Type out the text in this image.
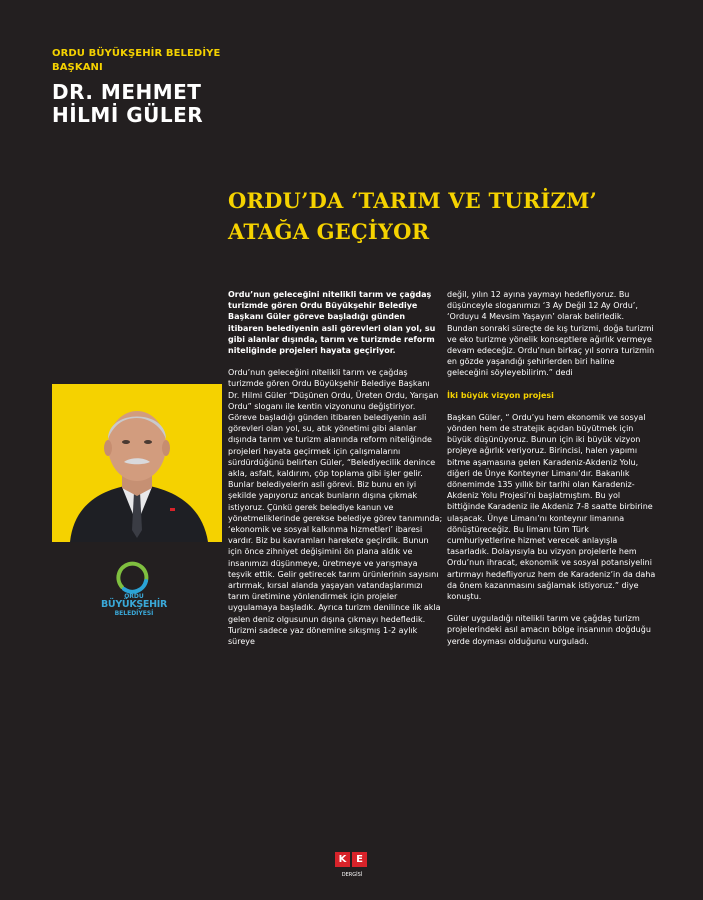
ORDU BÜYÜKŞEHİR BELEDİYE BAŞKANI
DR. MEHMET
HİLMİ GÜLER
ORDU’DA ‘TARIM VE TURİZM’
ATAĞA GEÇİYOR
ORDU
BÜYÜKŞEHİR
BELEDİYESİ

Ordu’nun geleceğini nitelikli tarım ve çağdaş turizmde gören Ordu Büyükşehir Belediye Başkanı Güler göreve başladığı günden itibaren belediyenin asli görevleri olan yol, su gibi alanlar dışında, tarım ve turizmde reform niteliğinde projeleri hayata geçiriyor.

Ordu’nun geleceğini nitelikli tarım ve çağdaş turizmde gören Ordu Büyükşehir Belediye Başkanı Dr. Hilmi Güler “Düşünen Ordu, Üreten Ordu, Yarışan Ordu” sloganı ile kentin vizyonunu değiştiriyor. Göreve başladığı günden itibaren belediyenin asli görevleri olan yol, su, atık yönetimi gibi alanlar dışında tarım ve turizm alanında reform niteliğinde projeleri hayata geçirmek için çalışmalarını sürdürdüğünü belirten Güler, “Belediyecilik denince akla, asfalt, kaldırım, çöp toplama gibi işler gelir. Bunlar belediyelerin asli görevi. Biz bunu en iyi şekilde yapıyoruz ancak bunların dışına çıkmak istiyoruz. Çünkü gerek belediye kanun ve yönetmeliklerinde gerekse belediye görev tanımında; ‘ekonomik ve sosyal kalkınma hizmetleri’ ibaresi vardır. Biz bu kavramları harekete geçirdik. Bunun için önce zihniyet değişimini ön plana aldık ve insanımızı düşünmeye, üretmeye ve yarışmaya teşvik ettik. Gelir getirecek tarım ürünlerinin sayısını artırmak, kırsal alanda yaşayan vatandaşlarımızı tarım üretimine yönlendirmek için projeler uygulamaya başladık. Ayrıca turizm denilince ilk akla gelen deniz olgusunun dışına çıkmayı hedefledik. Turizmi sadece yaz dönemine sıkışmış 1-2 aylık süreye

değil, yılın 12 ayına yaymayı hedefliyoruz. Bu düşünceyle sloganımızı ‘3 Ay Değil 12 Ay Ordu’, ‘Orduyu 4 Mevsim Yaşayın’ olarak belirledik. Bundan sonraki süreçte de kış turizmi, doğa turizmi ve eko turizme yönelik konseptlere ağırlık vermeye devam edeceğiz. Ordu’nun birkaç yıl sonra turizmin en gözde yaşandığı şehirlerden biri haline geleceğini söyleyebilirim.” dedi

İki büyük vizyon projesi

Başkan Güler, “ Ordu’yu hem ekonomik ve sosyal yönden hem de stratejik açıdan büyütmek için büyük düşünüyoruz. Bunun için iki büyük vizyon projeye ağırlık veriyoruz. Birincisi, halen yapımı bitme aşamasına gelen Karadeniz-Akdeniz Yolu, diğeri de Ünye Konteyner Limanı’dır. Bakanlık dönemimde 135 yıllık bir tarihi olan Karadeniz-Akdeniz Yolu Projesi’ni başlatmıştım. Bu yol bittiğinde Karadeniz ile Akdeniz 7-8 saatte birbirine ulaşacak. Ünye Limanı’nı konteynır limanına dönüştüreceğiz. Bu limanı tüm Türk cumhuriyetlerine hizmet verecek anlayışla tasarladık. Dolayısıyla bu vizyon projelerle hem Ordu’nun ihracat, ekonomik ve sosyal potansiyelini artırmayı hedefliyoruz hem de Karadeniz’in da daha da önem kazanmasını sağlamak istiyoruz.” diye konuştu.

Güler uyguladığı nitelikli tarım ve çağdaş turizm projelerindeki asıl amacın bölge insanının doğduğu yerde doyması olduğunu vurguladı.

K E
DERGİSİ
